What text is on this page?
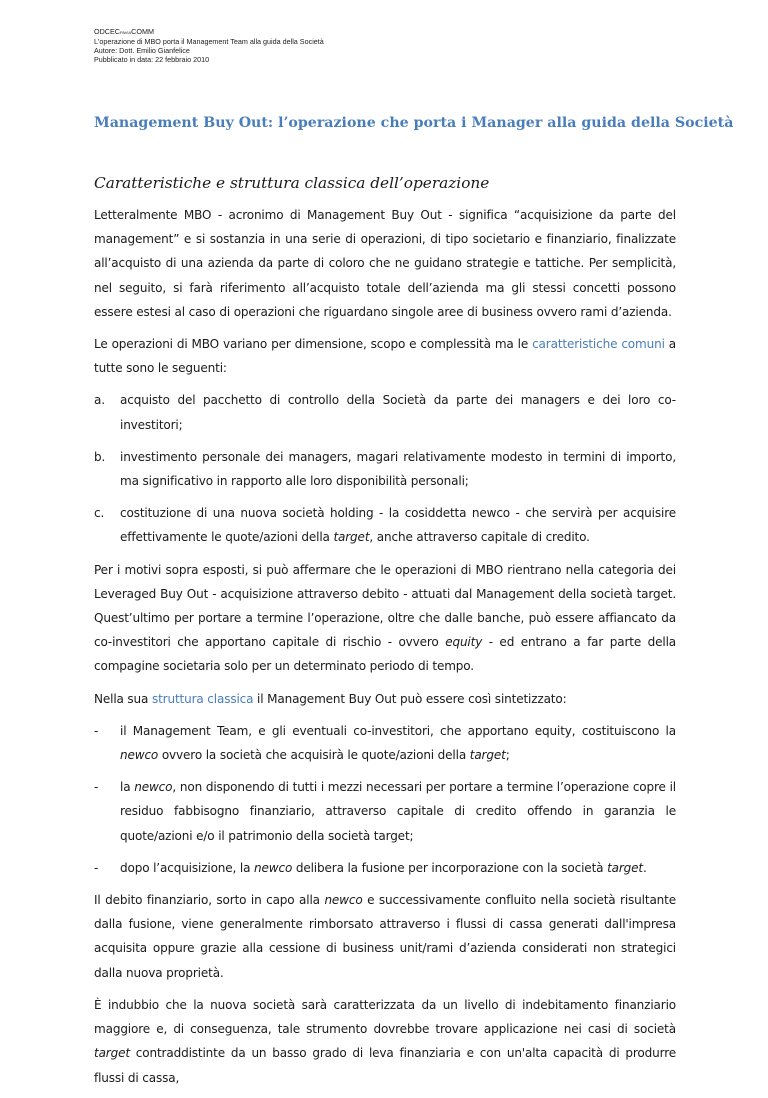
ODCECPAVIACOMM
L'operazione di MBO porta il Management Team alla guida della Società
Autore: Dott. Emilio Gianfelice
Pubblicato in data: 22 febbraio 2010
Management Buy Out: l’operazione che porta i Manager alla guida della Società
Caratteristiche e struttura classica dell’operazione

Letteralmente MBO - acronimo di Management Buy Out - significa “acquisizione da parte del management” e si sostanzia in una serie di operazioni, di tipo societario e finanziario, finalizzate all’acquisto di una azienda da parte di coloro che ne guidano strategie e tattiche. Per semplicità, nel seguito, si farà riferimento all’acquisto totale dell’azienda ma gli stessi concetti possono essere estesi al caso di operazioni che riguardano singole aree di business ovvero rami d’azienda.

Le operazioni di MBO variano per dimensione, scopo e complessità ma le caratteristiche comuni a tutte sono le seguenti:

a.	acquisto del pacchetto di controllo della Società da parte dei managers e dei loro co-investitori;
b.	investimento personale dei managers, magari relativamente modesto in termini di importo, ma significativo in rapporto alle loro disponibilità personali;
c.	costituzione di una nuova società holding - la cosiddetta newco - che servirà per acquisire effettivamente le quote/azioni della target, anche attraverso capitale di credito.

Per i motivi sopra esposti, si può affermare che le operazioni di MBO rientrano nella categoria dei Leveraged Buy Out - acquisizione attraverso debito - attuati dal Management della società target. Quest’ultimo per portare a termine l’operazione, oltre che dalle banche, può essere affiancato da co-investitori che apportano capitale di rischio - ovvero equity - ed entrano a far parte della compagine societaria solo per un determinato periodo di tempo.

Nella sua struttura classica il Management Buy Out può essere così sintetizzato:

-	il Management Team, e gli eventuali co-investitori, che apportano equity, costituiscono la newco ovvero la società che acquisirà le quote/azioni della target;
-	la newco, non disponendo di tutti i mezzi necessari per portare a termine l’operazione copre il residuo fabbisogno finanziario, attraverso capitale di credito offendo in garanzia le quote/azioni e/o il patrimonio della società target;
-	dopo l’acquisizione, la newco delibera la fusione per incorporazione con la società target.

Il debito finanziario, sorto in capo alla newco e successivamente confluito nella società risultante dalla fusione, viene generalmente rimborsato attraverso i flussi di cassa generati dall'impresa acquisita oppure grazie alla cessione di business unit/rami d’azienda considerati non strategici dalla nuova proprietà.

È indubbio che la nuova società sarà caratterizzata da un livello di indebitamento finanziario maggiore e, di conseguenza, tale strumento dovrebbe trovare applicazione nei casi di società target contraddistinte da un basso grado di leva finanziaria e con un'alta capacità di produrre flussi di cassa,
